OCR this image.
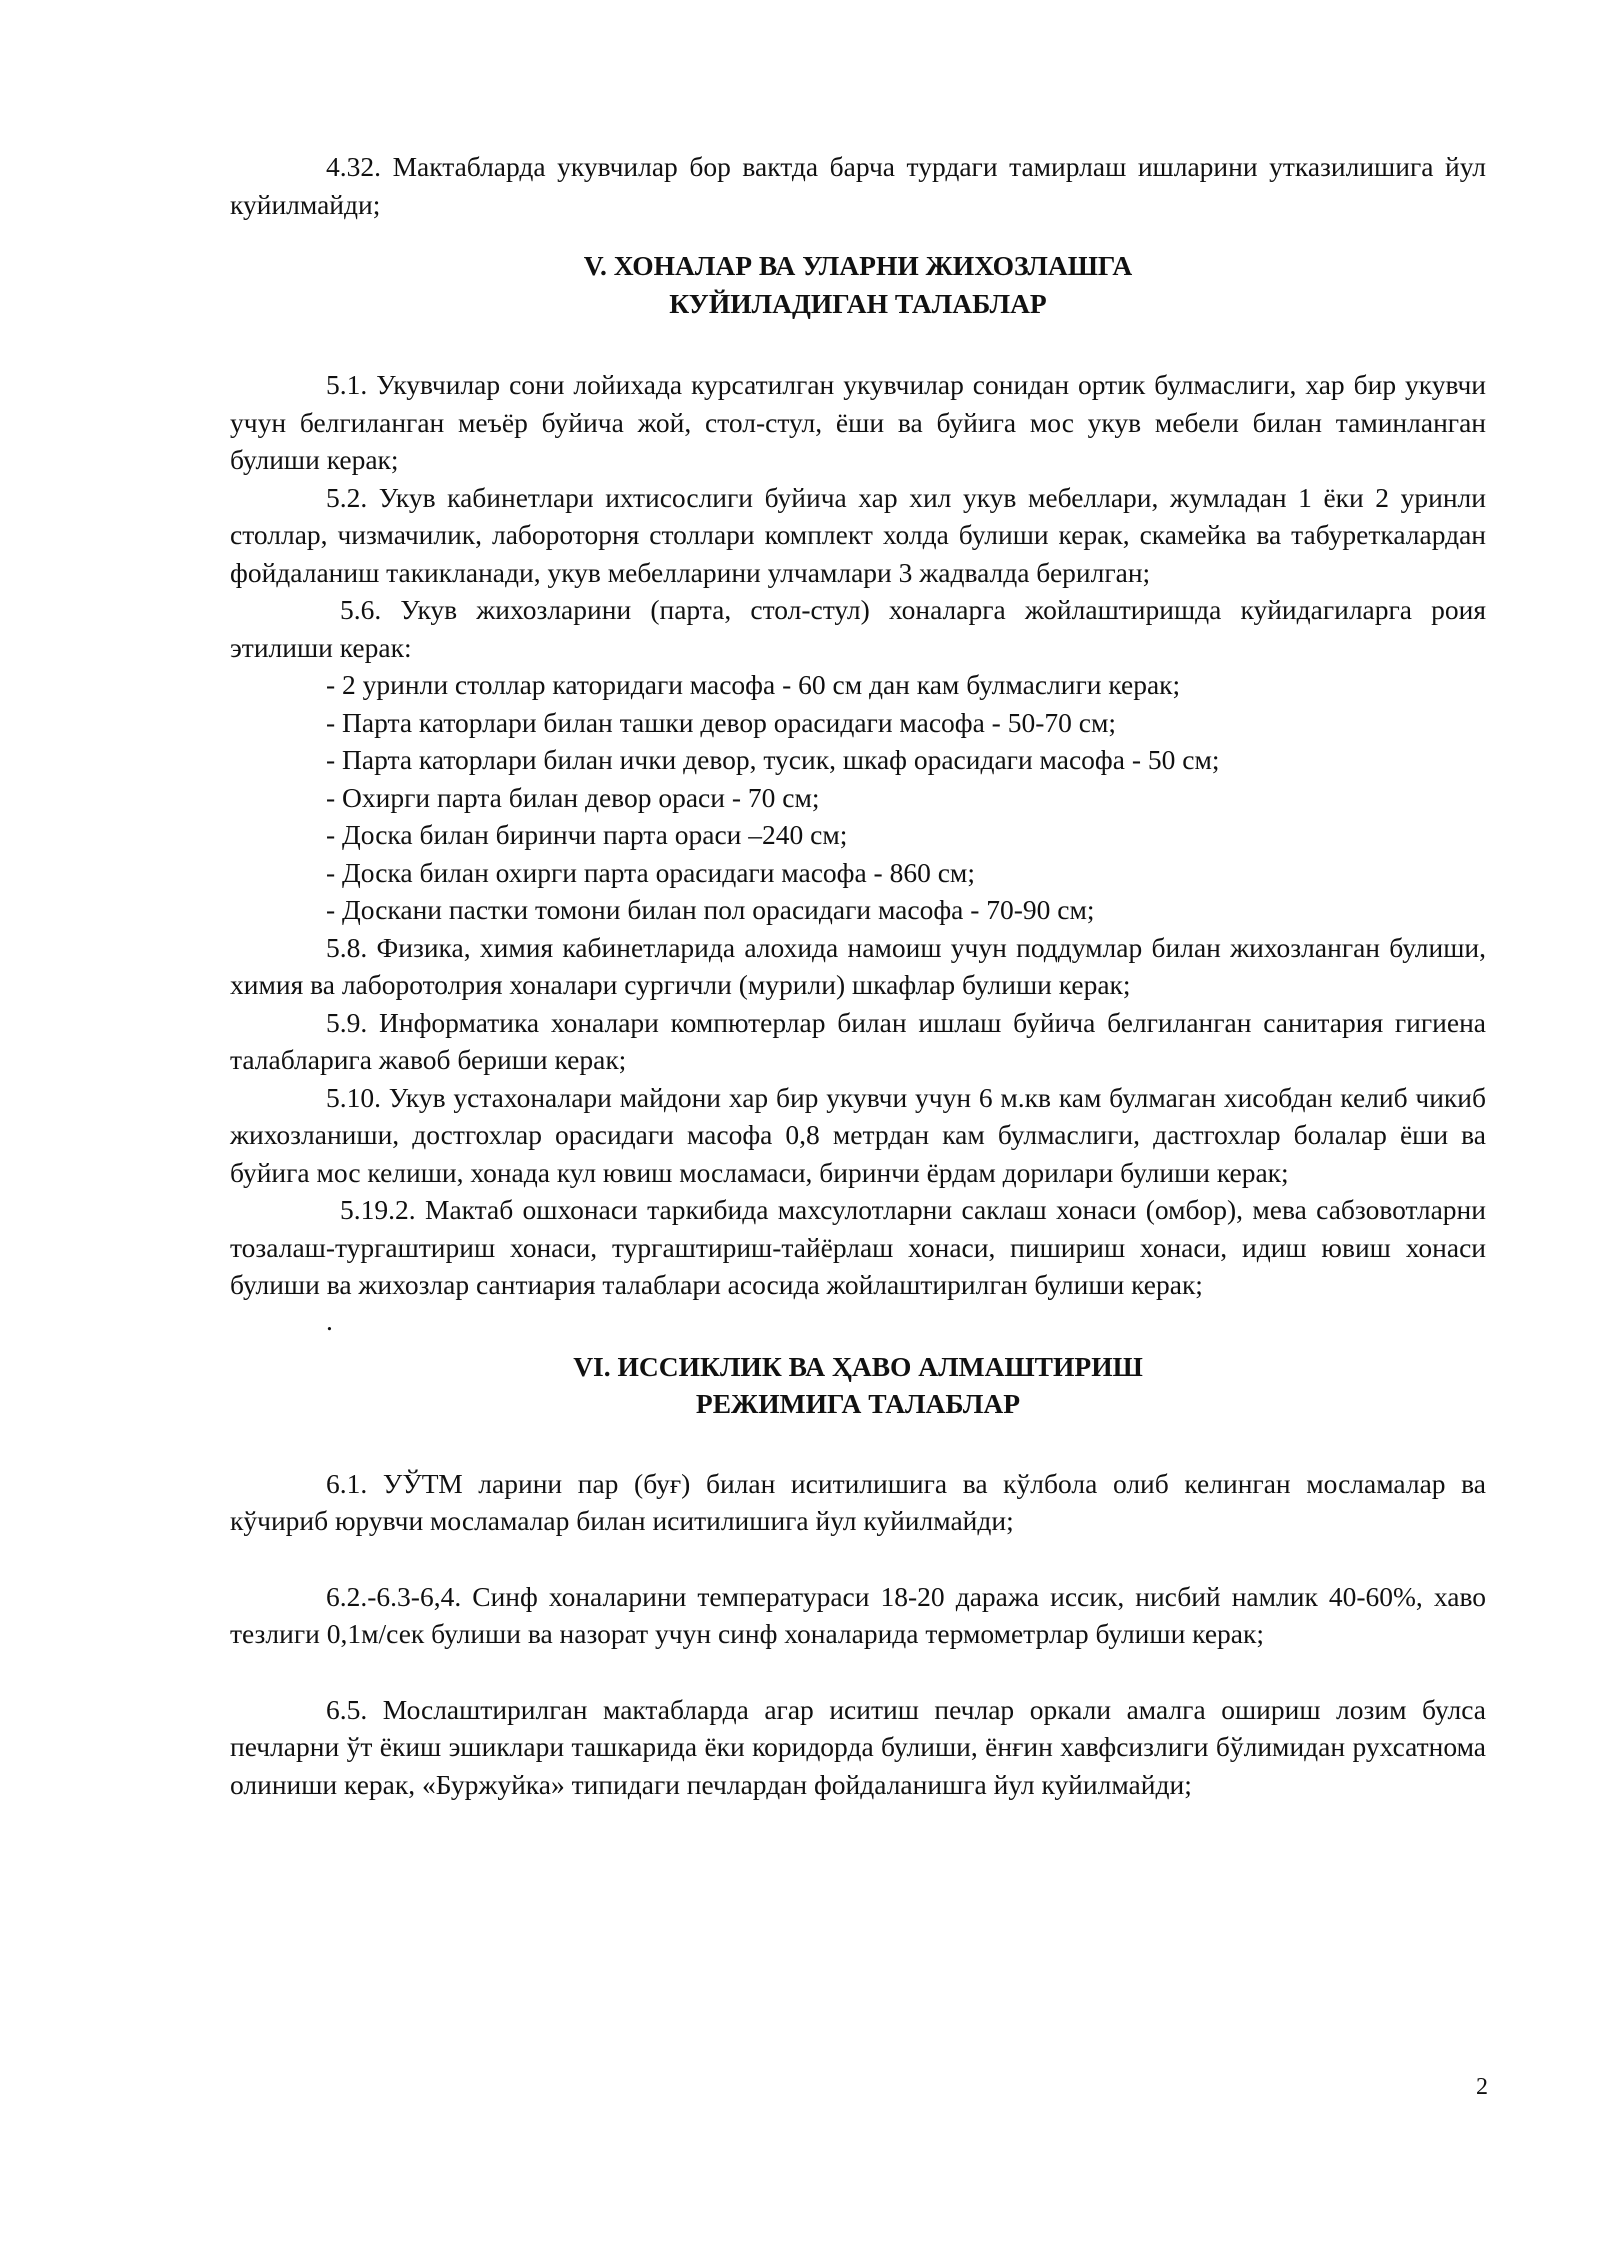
4.32. Мактабларда укувчилар бор вактда барча турдаги тамирлаш ишларини утказилишига йул куйилмайди;

V. ХОНАЛАР ВА УЛАРНИ ЖИХОЗЛАШГА

КУЙИЛАДИГАН ТАЛАБЛАР

5.1. Укувчилар сони лойихада курсатилган укувчилар сонидан ортик булмаслиги, хар бир укувчи учун белгиланган меъёр буйича жой, стол-стул, ёши ва буйига мос укув мебели билан таминланган булиши керак;

5.2. Укув кабинетлари ихтисослиги буйича хар хил укув мебеллари, жумладан 1 ёки 2 уринли столлар, чизмачилик, лабороторня столлари комплект холда булиши керак, скамейка ва табуреткалардан фойдаланиш такикланади, укув мебелларини улчамлари 3 жадвалда берилган;

5.6. Укув жихозларини (парта, стол-стул) хоналарга жойлаштиришда куйидагиларга роия этилиши керак:

- 2 уринли столлар каторидаги масофа - 60 см дан кам булмаслиги керак;

- Парта каторлари билан ташки девор орасидаги масофа - 50-70 см;

- Парта каторлари билан ички девор, тусик, шкаф орасидаги масофа - 50 см;

- Охирги парта билан девор ораси - 70 см;

- Доска билан биринчи парта ораси –240 см;

- Доска билан охирги парта орасидаги масофа - 860 см;

- Доскани пастки томони билан пол орасидаги масофа - 70-90 см;

5.8. Физика, химия кабинетларида алохида намоиш учун поддумлар билан жихозланган булиши, химия ва лаборотолрия хоналари сургичли (мурили) шкафлар булиши керак;

5.9. Информатика хоналари компютерлар билан ишлаш буйича белгиланган санитария гигиена талабларига жавоб бериши керак;

5.10. Укув устахоналари майдони хар бир укувчи учун 6 м.кв кам булмаган хисобдан келиб чикиб жихозланиши, достгохлар орасидаги масофа 0,8 метрдан кам булмаслиги, дастгохлар болалар ёши ва буйига мос келиши, хонада кул ювиш мосламаси, биринчи ёрдам дорилари булиши керак;

5.19.2. Мактаб ошхонаси таркибида махсулотларни саклаш хонаси (омбор), мева сабзовотларни тозалаш-тургаштириш хонаси, тургаштириш-тайёрлаш хонаси, пишириш хонаси, идиш ювиш хонаси булиши ва жихозлар сантиария талаблари асосида жойлаштирилган булиши керак;

.

VI. ИССИКЛИК ВА ҲАВО АЛМАШТИРИШ

РЕЖИМИГА ТАЛАБЛАР

6.1. УЎТМ ларини пар (буғ) билан иситилишига ва кўлбола олиб келинган мосламалар ва кўчириб юрувчи мосламалар билан иситилишига йул куйилмайди;

6.2.-6.3-6,4. Синф хоналарини температураси 18-20 даража иссик, нисбий намлик 40-60%, хаво тезлиги 0,1м/сек булиши ва назорат учун синф хоналарида термометрлар булиши керак;

6.5. Мослаштирилган мактабларда агар иситиш печлар оркали амалга ошириш лозим булса печларни ўт ёкиш эшиклари ташкарида ёки коридорда булиши, ёнғин хавфсизлиги бўлимидан рухсатнома олиниши керак, «Буржуйка» типидаги печлардан фойдаланишга йул куйилмайди;

2
